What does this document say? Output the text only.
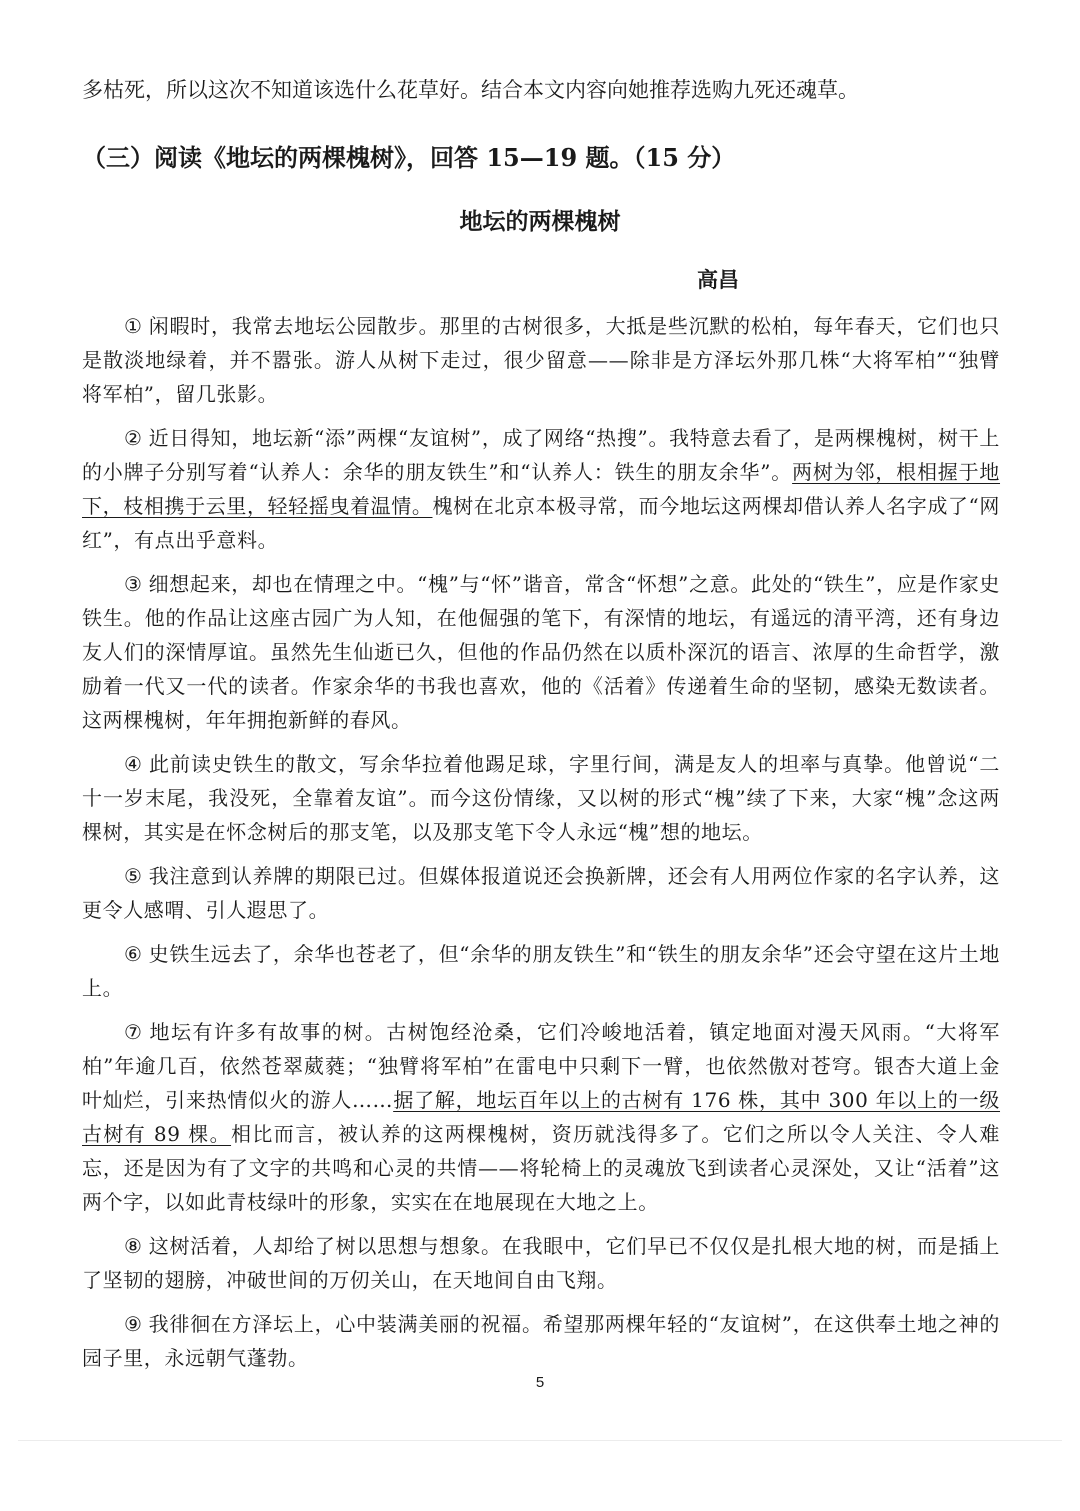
多枯死，所以这次不知道该选什么花草好。结合本文内容向她推荐选购九死还魂草。
（三）阅读《地坛的两棵槐树》，回答 15—19 题。（15 分）
地坛的两棵槐树
高昌

① 闲暇时，我常去地坛公园散步。那里的古树很多，大抵是些沉默的松柏，每年春天，它们也只是散淡地绿着，并不嚣张。游人从树下走过，很少留意——除非是方泽坛外那几株“大将军柏”“独臂将军柏”，留几张影。

② 近日得知，地坛新“添”两棵“友谊树”，成了网络“热搜”。我特意去看了，是两棵槐树，树干上的小牌子分别写着“认养人：余华的朋友铁生”和“认养人：铁生的朋友余华”。两树为邻，根相握于地下，枝相携于云里，轻轻摇曳着温情。槐树在北京本极寻常，而今地坛这两棵却借认养人名字成了“网红”，有点出乎意料。

③ 细想起来，却也在情理之中。“槐”与“怀”谐音，常含“怀想”之意。此处的“铁生”，应是作家史铁生。他的作品让这座古园广为人知，在他倔强的笔下，有深情的地坛，有遥远的清平湾，还有身边友人们的深情厚谊。虽然先生仙逝已久，但他的作品仍然在以质朴深沉的语言、浓厚的生命哲学，激励着一代又一代的读者。作家余华的书我也喜欢，他的《活着》传递着生命的坚韧，感染无数读者。这两棵槐树，年年拥抱新鲜的春风。

④ 此前读史铁生的散文，写余华拉着他踢足球，字里行间，满是友人的坦率与真挚。他曾说“二十一岁末尾，我没死，全靠着友谊”。而今这份情缘，又以树的形式“槐”续了下来，大家“槐”念这两棵树，其实是在怀念树后的那支笔，以及那支笔下令人永远“槐”想的地坛。

⑤ 我注意到认养牌的期限已过。但媒体报道说还会换新牌，还会有人用两位作家的名字认养，这更令人感喟、引人遐思了。

⑥ 史铁生远去了，余华也苍老了，但“余华的朋友铁生”和“铁生的朋友余华”还会守望在这片土地上。

⑦ 地坛有许多有故事的树。古树饱经沧桑，它们冷峻地活着，镇定地面对漫天风雨。“大将军柏”年逾几百，依然苍翠葳蕤；“独臂将军柏”在雷电中只剩下一臂，也依然傲对苍穹。银杏大道上金叶灿烂，引来热情似火的游人……据了解，地坛百年以上的古树有 176 株，其中 300 年以上的一级古树有 89 棵。相比而言，被认养的这两棵槐树，资历就浅得多了。它们之所以令人关注、令人难忘，还是因为有了文字的共鸣和心灵的共情——将轮椅上的灵魂放飞到读者心灵深处，又让“活着”这两个字，以如此青枝绿叶的形象，实实在在地展现在大地之上。

⑧ 这树活着，人却给了树以思想与想象。在我眼中，它们早已不仅仅是扎根大地的树，而是插上了坚韧的翅膀，冲破世间的万仞关山，在天地间自由飞翔。

⑨ 我徘徊在方泽坛上，心中装满美丽的祝福。希望那两棵年轻的“友谊树”，在这供奉土地之神的园子里，永远朝气蓬勃。

5
